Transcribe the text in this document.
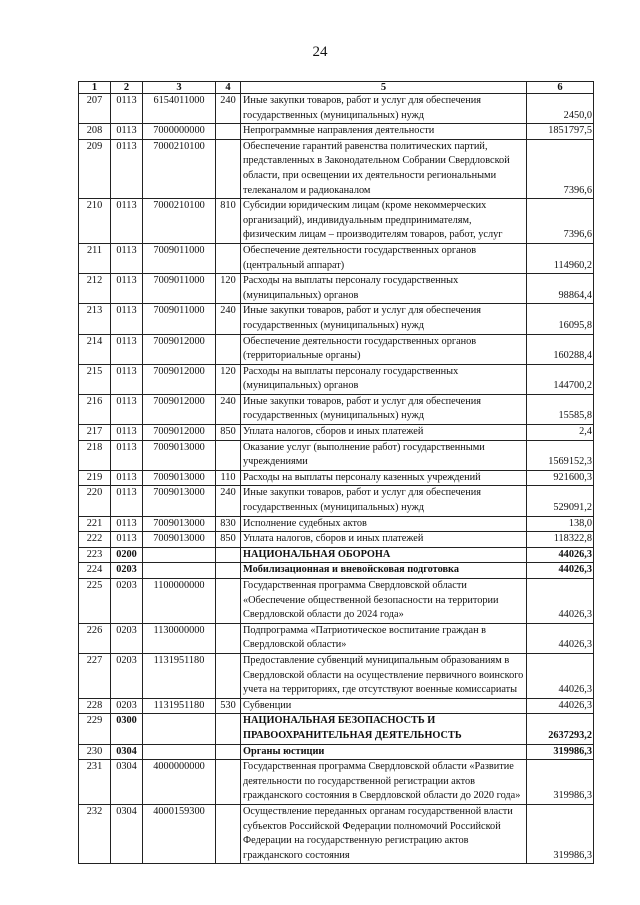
24
1	2	3	4	5	6
207	0113	6154011000	240	Иные закупки товаров, работ и услуг для обеспечения государственных (муниципальных) нужд	2450,0
208	0113	7000000000		Непрограммные направления деятельности	1851797,5
209	0113	7000210100		Обеспечение гарантий равенства политических партий, представленных в Законодательном Собрании Свердловской области, при освещении их деятельности региональными телеканалом и радиоканалом	7396,6
210	0113	7000210100	810	Субсидии юридическим лицам (кроме некоммерческих организаций), индивидуальным предпринимателям, физическим лицам – производителям товаров, работ, услуг	7396,6
211	0113	7009011000		Обеспечение деятельности государственных органов (центральный аппарат)	114960,2
212	0113	7009011000	120	Расходы на выплаты персоналу государственных (муниципальных) органов	98864,4
213	0113	7009011000	240	Иные закупки товаров, работ и услуг для обеспечения государственных (муниципальных) нужд	16095,8
214	0113	7009012000		Обеспечение деятельности государственных органов (территориальные органы)	160288,4
215	0113	7009012000	120	Расходы на выплаты персоналу государственных (муниципальных) органов	144700,2
216	0113	7009012000	240	Иные закупки товаров, работ и услуг для обеспечения государственных (муниципальных) нужд	15585,8
217	0113	7009012000	850	Уплата налогов, сборов и иных платежей	2,4
218	0113	7009013000		Оказание услуг (выполнение работ) государственными учреждениями	1569152,3
219	0113	7009013000	110	Расходы на выплаты персоналу казенных учреждений	921600,3
220	0113	7009013000	240	Иные закупки товаров, работ и услуг для обеспечения государственных (муниципальных) нужд	529091,2
221	0113	7009013000	830	Исполнение судебных актов	138,0
222	0113	7009013000	850	Уплата налогов, сборов и иных платежей	118322,8
223	0200			НАЦИОНАЛЬНАЯ ОБОРОНА	44026,3
224	0203			Мобилизационная и вневойсковая подготовка	44026,3
225	0203	1100000000		Государственная программа Свердловской области «Обеспечение общественной безопасности на территории Свердловской области до 2024 года»	44026,3
226	0203	1130000000		Подпрограмма «Патриотическое воспитание граждан в Свердловской области»	44026,3
227	0203	1131951180		Предоставление субвенций муниципальным образованиям в Свердловской области на осуществление первичного воинского учета на территориях, где отсутствуют военные комиссариаты	44026,3
228	0203	1131951180	530	Субвенции	44026,3
229	0300			НАЦИОНАЛЬНАЯ БЕЗОПАСНОСТЬ И ПРАВООХРАНИТЕЛЬНАЯ ДЕЯТЕЛЬНОСТЬ	2637293,2
230	0304			Органы юстиции	319986,3
231	0304	4000000000		Государственная программа Свердловской области «Развитие деятельности по государственной регистрации актов гражданского состояния в Свердловской области до 2020 года»	319986,3
232	0304	4000159300		Осуществление переданных органам государственной власти субъектов Российской Федерации полномочий Российской Федерации на государственную регистрацию актов гражданского состояния	319986,3
